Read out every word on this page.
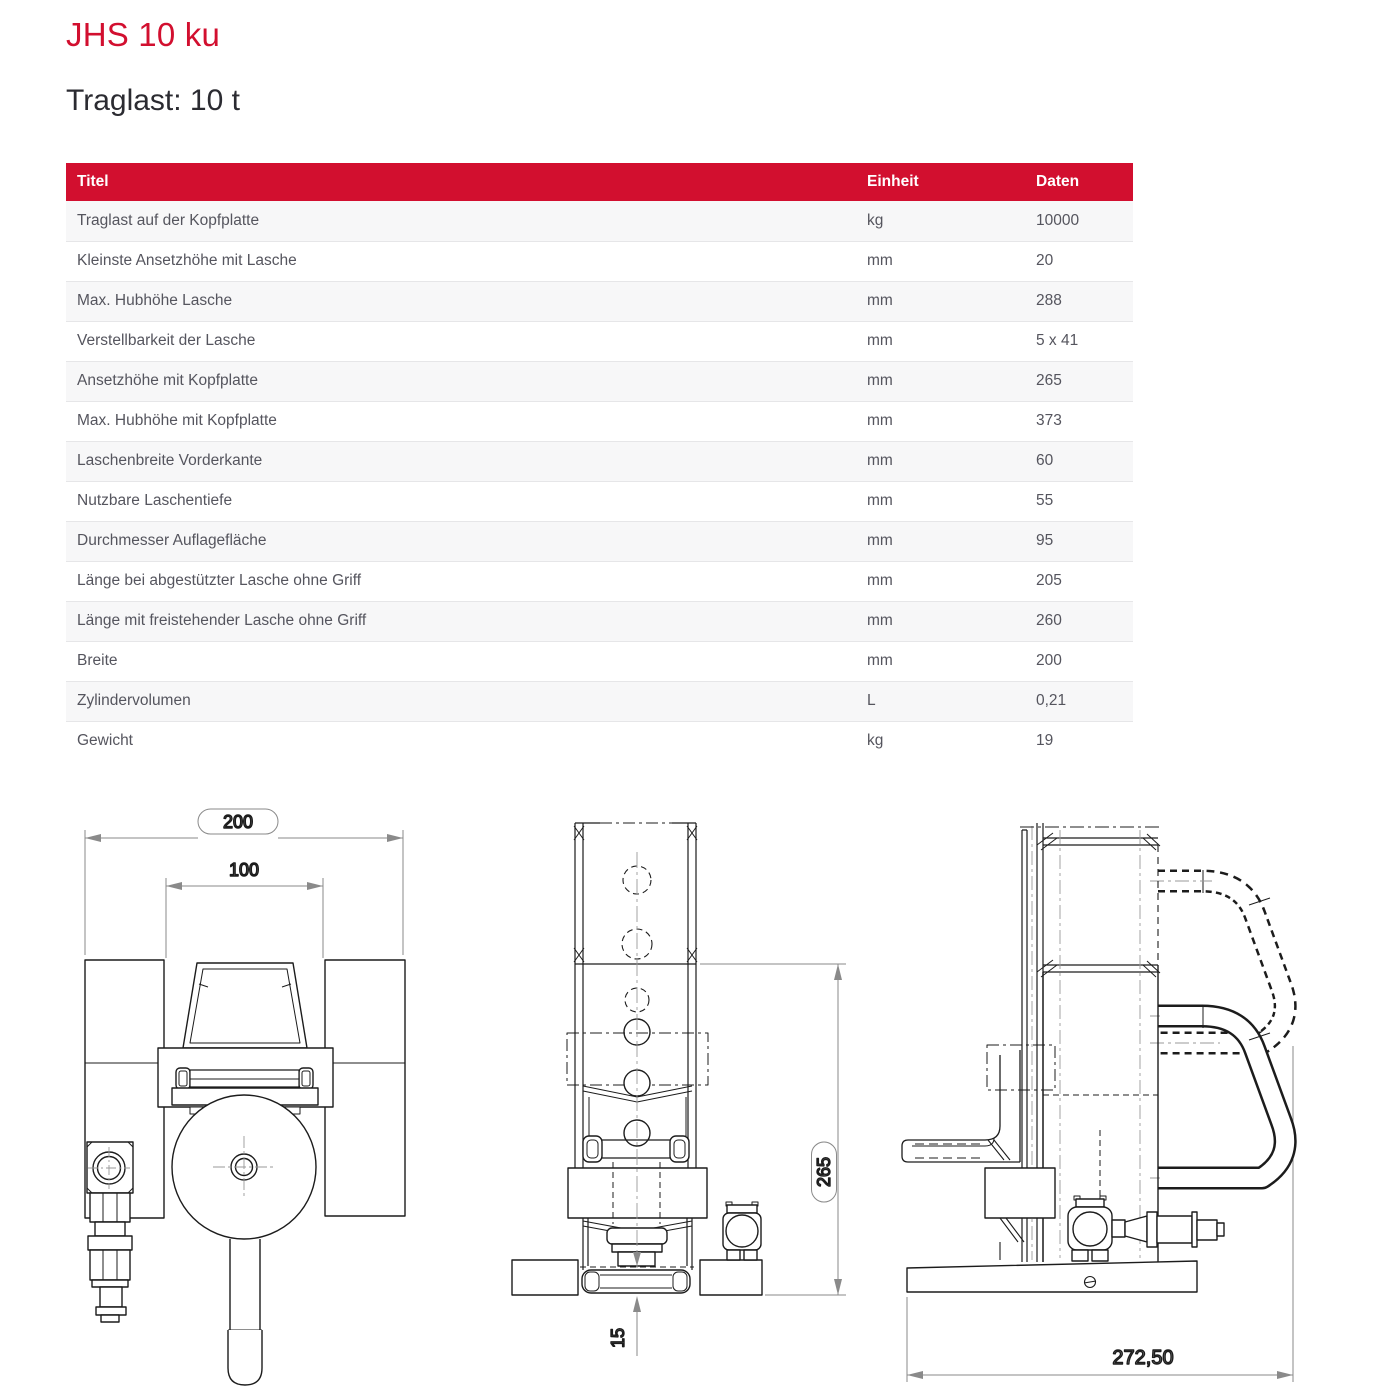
JHS 10 ku
Traglast: 10 t
Titel	Einheit	Daten
Traglast auf der Kopfplatte	kg	10000
Kleinste Ansetzhöhe mit Lasche	mm	20
Max. Hubhöhe Lasche	mm	288
Verstellbarkeit der Lasche	mm	5 x 41
Ansetzhöhe mit Kopfplatte	mm	265
Max. Hubhöhe mit Kopfplatte	mm	373
Laschenbreite Vorderkante	mm	60
Nutzbare Laschentiefe	mm	55
Durchmesser Auflagefläche	mm	95
Länge bei abgestützter Lasche ohne Griff	mm	205
Länge mit freistehender Lasche ohne Griff	mm	260
Breite	mm	200
Zylindervolumen	L	0,21
Gewicht	kg	19
200
100
265
15
272,50
